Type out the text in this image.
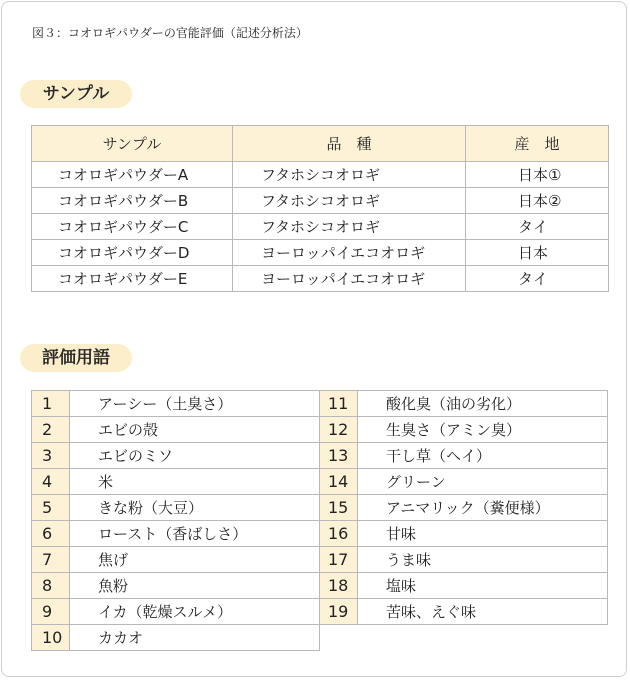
図３：コオロギパウダーの官能評価（記述分析法）
サンプル
サンプル	品　種	産　地
コオロギパウダーA	フタホシコオロギ	日本①
コオロギパウダーB	フタホシコオロギ	日本②
コオロギパウダーC	フタホシコオロギ	タイ
コオロギパウダーD	ヨーロッパイエコオロギ	日本
コオロギパウダーE	ヨーロッパイエコオロギ	タイ
評価用語
1	アーシー（土臭さ）
2	エビの殻
3	エビのミソ
4	米
5	きな粉（大豆）
6	ロースト（香ばしさ）
7	焦げ
8	魚粉
9	イカ（乾燥スルメ）
10	カカオ
11	酸化臭（油の劣化）
12	生臭さ（アミン臭）
13	干し草（ヘイ）
14	グリーン
15	アニマリック（糞便様）
16	甘味
17	うま味
18	塩味
19	苦味、えぐ味
